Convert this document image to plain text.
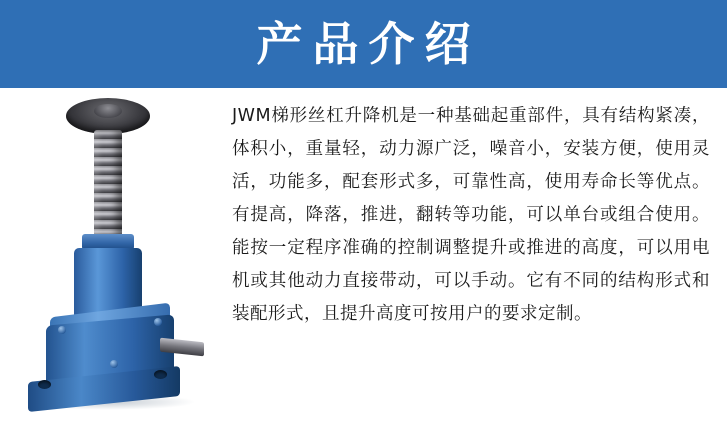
产品介绍
JWM梯形丝杠升降机是一种基础起重部件，具有结构紧凑，体积小，重量轻，动力源广泛，噪音小，安装方便，使用灵活，功能多，配套形式多，可靠性高，使用寿命长等优点。有提高，降落，推进，翻转等功能，可以单台或组合使用。能按一定程序准确的控制调整提升或推进的高度，可以用电机或其他动力直接带动，可以手动。它有不同的结构形式和装配形式，且提升高度可按用户的要求定制。
